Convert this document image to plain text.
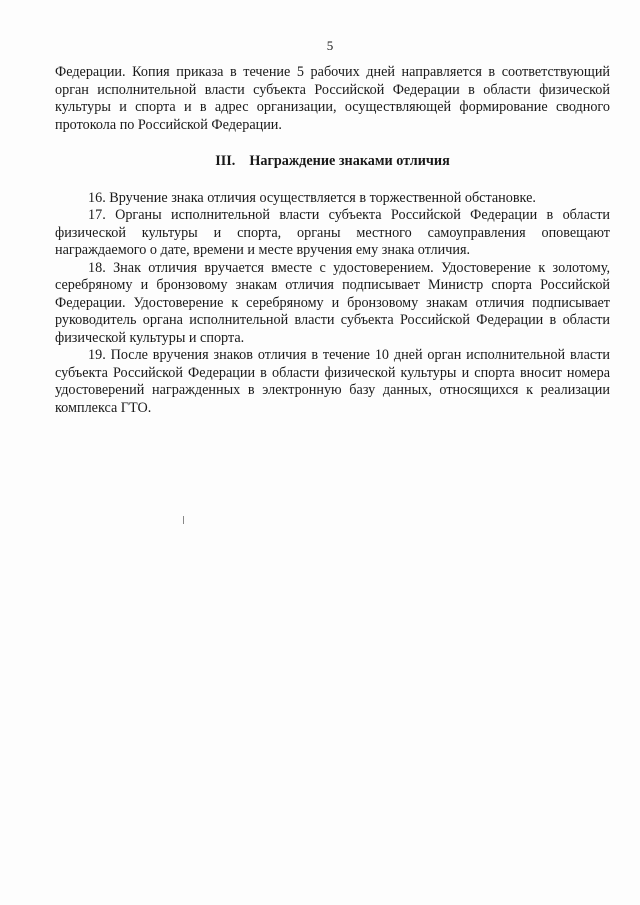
5

Федерации. Копия приказа в течение 5 рабочих дней направляется в соответствующий орган исполнительной власти субъекта Российской Федерации в области физической культуры и спорта и в адрес организации, осуществляющей формирование сводного протокола по Российской Федерации.

III. Награждение знаками отличия

16. Вручение знака отличия осуществляется в торжественной обстановке.

17. Органы исполнительной власти субъекта Российской Федерации в области физической культуры и спорта, органы местного самоуправления оповещают награждаемого о дате, времени и месте вручения ему знака отличия.

18. Знак отличия вручается вместе с удостоверением. Удостоверение к золотому, серебряному и бронзовому знакам отличия подписывает Министр спорта Российской Федерации. Удостоверение к серебряному и бронзовому знакам отличия подписывает руководитель органа исполнительной власти субъекта Российской Федерации в области физической культуры и спорта.

19. После вручения знаков отличия в течение 10 дней орган исполнительной власти субъекта Российской Федерации в области физической культуры и спорта вносит номера удостоверений награжденных в электронную базу данных, относящихся к реализации комплекса ГТО.
